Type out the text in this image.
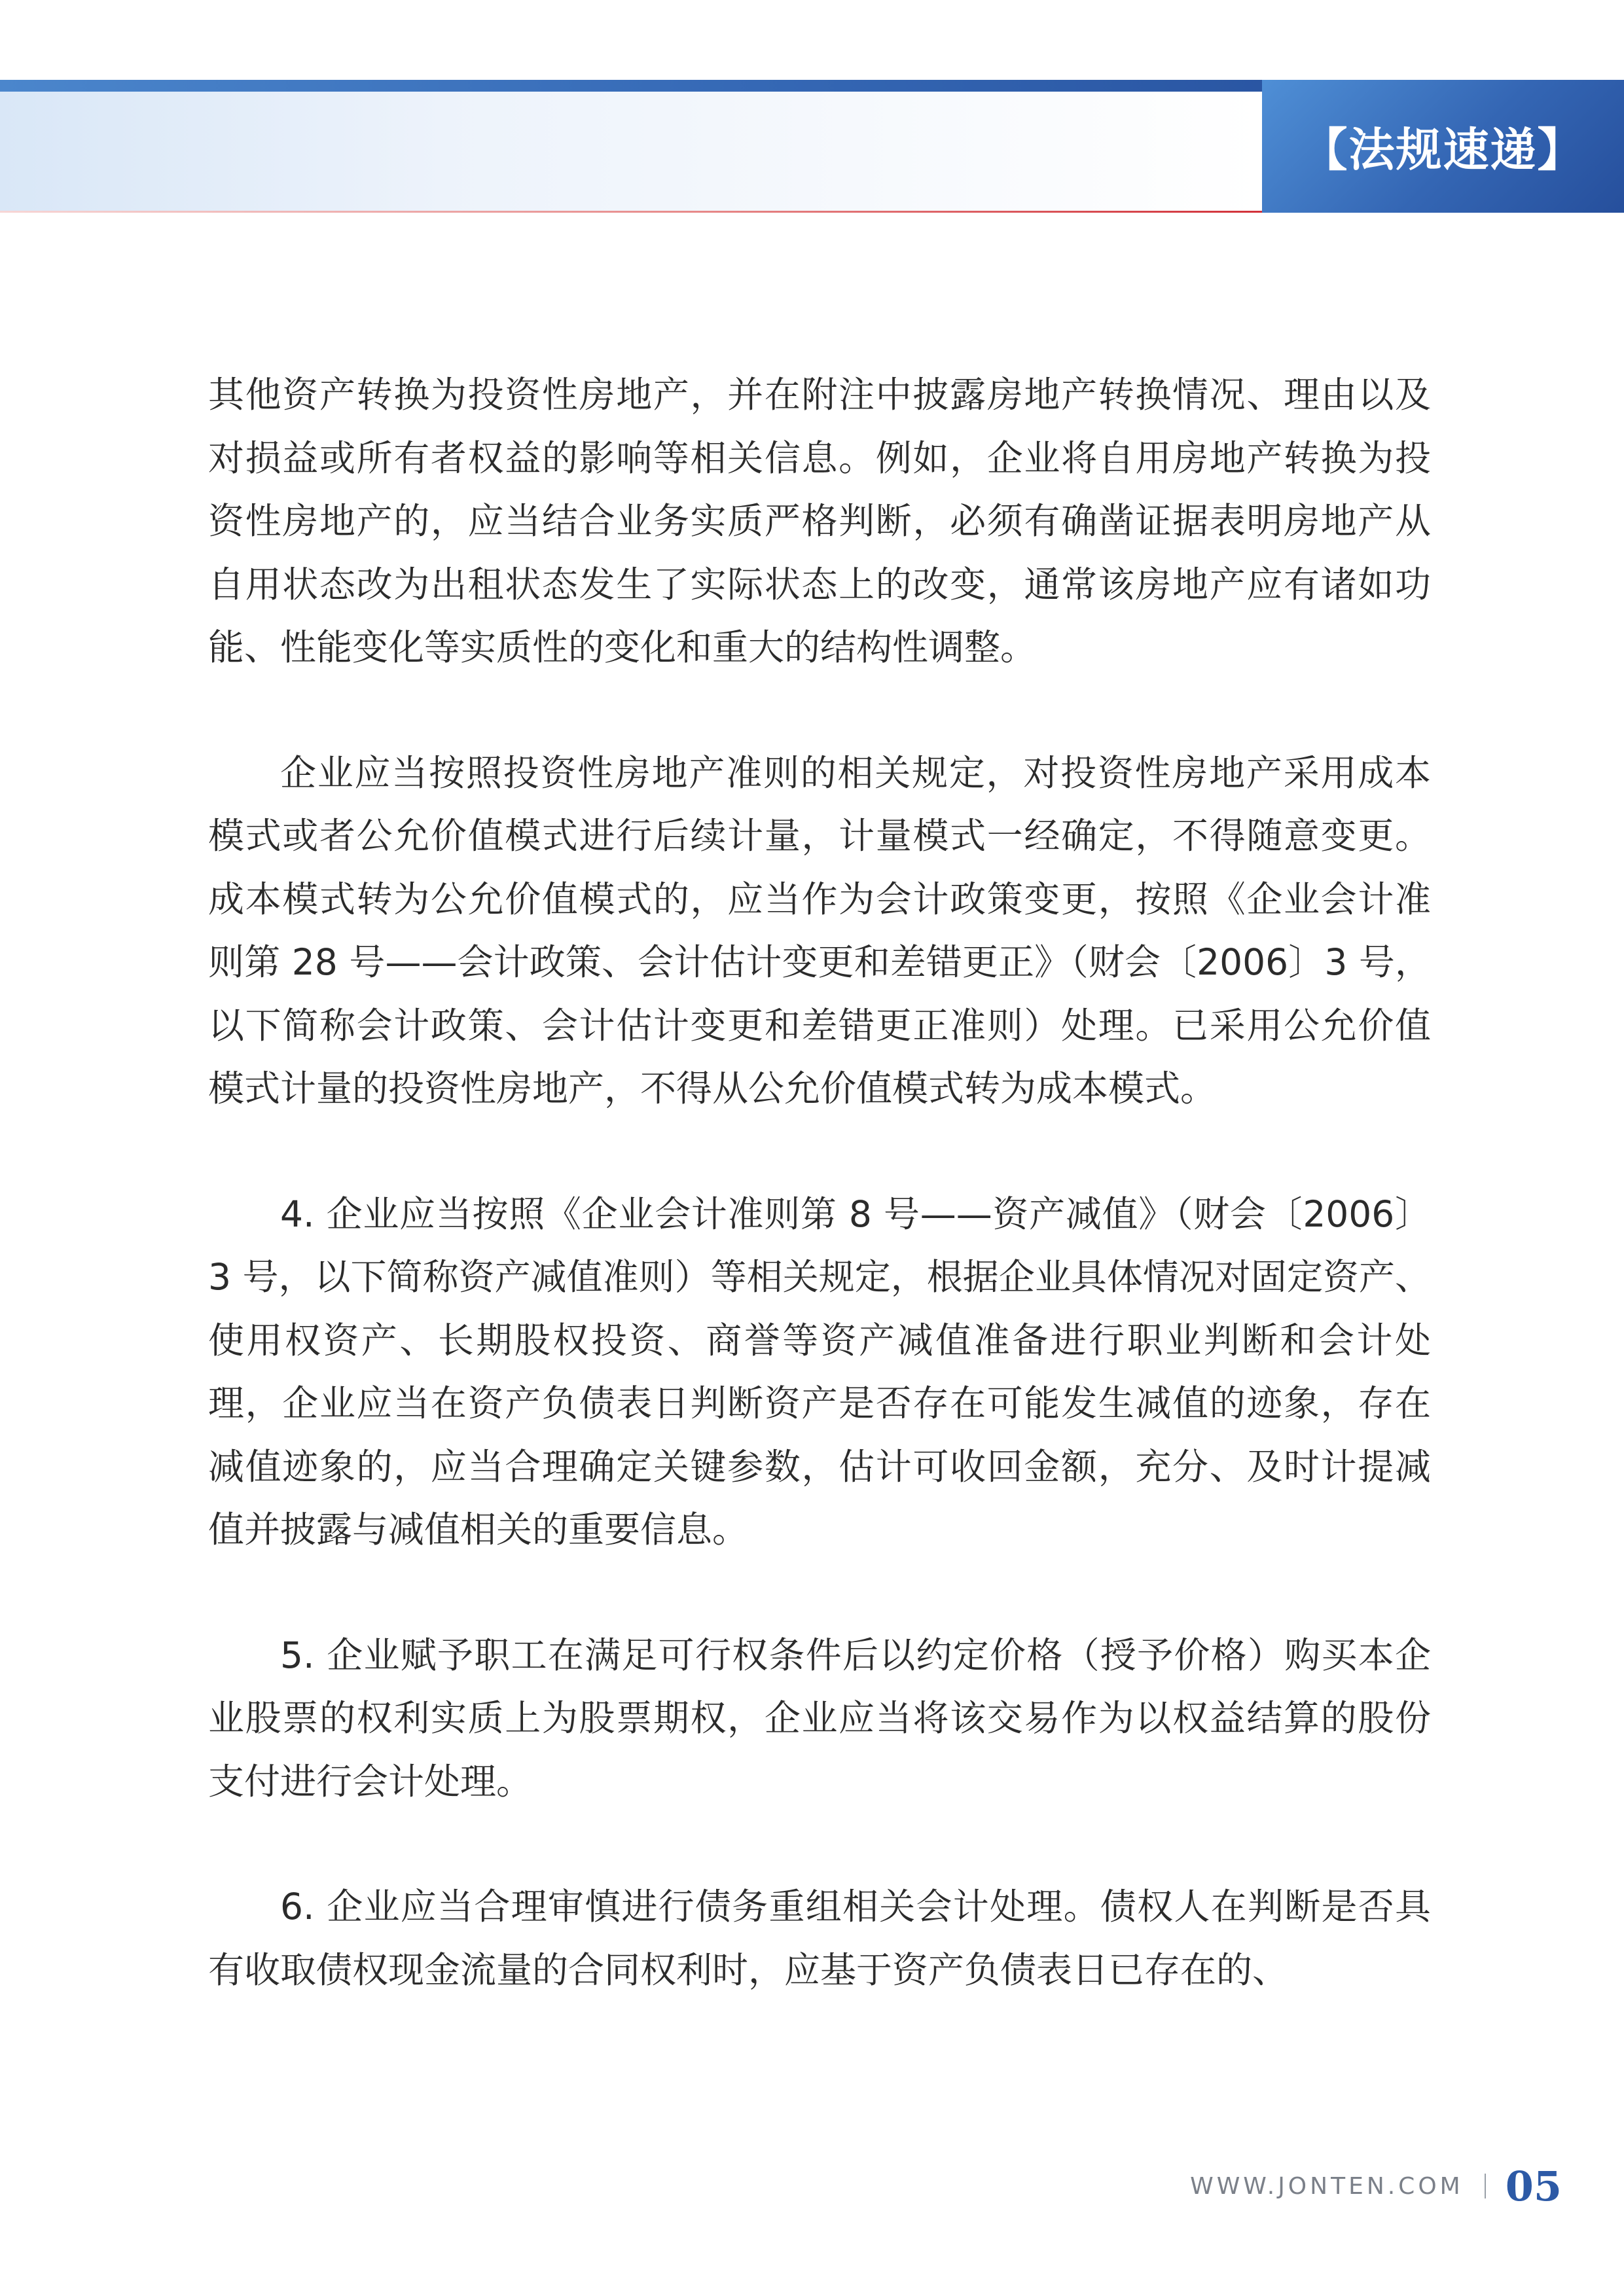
【法规速递】

其他资产转换为投资性房地产，并在附注中披露房地产转换情况、理由以及对损益或所有者权益的影响等相关信息。例如，企业将自用房地产转换为投资性房地产的，应当结合业务实质严格判断，必须有确凿证据表明房地产从自用状态改为出租状态发生了实际状态上的改变，通常该房地产应有诸如功能、性能变化等实质性的变化和重大的结构性调整。

企业应当按照投资性房地产准则的相关规定，对投资性房地产采用成本模式或者公允价值模式进行后续计量，计量模式一经确定，不得随意变更。成本模式转为公允价值模式的，应当作为会计政策变更，按照《企业会计准则第 28 号——会计政策、会计估计变更和差错更正》（财会〔2006〕3 号，以下简称会计政策、会计估计变更和差错更正准则）处理。已采用公允价值模式计量的投资性房地产，不得从公允价值模式转为成本模式。

4. 企业应当按照《企业会计准则第 8 号——资产减值》（财会〔2006〕3 号，以下简称资产减值准则）等相关规定，根据企业具体情况对固定资产、使用权资产、长期股权投资、商誉等资产减值准备进行职业判断和会计处理，企业应当在资产负债表日判断资产是否存在可能发生减值的迹象，存在减值迹象的，应当合理确定关键参数，估计可收回金额，充分、及时计提减值并披露与减值相关的重要信息。

5. 企业赋予职工在满足可行权条件后以约定价格（授予价格）购买本企业股票的权利实质上为股票期权，企业应当将该交易作为以权益结算的股份支付进行会计处理。

6. 企业应当合理审慎进行债务重组相关会计处理。债权人在判断是否具有收取债权现金流量的合同权利时，应基于资产负债表日已存在的、

WWW.JONTEN.COM 05
